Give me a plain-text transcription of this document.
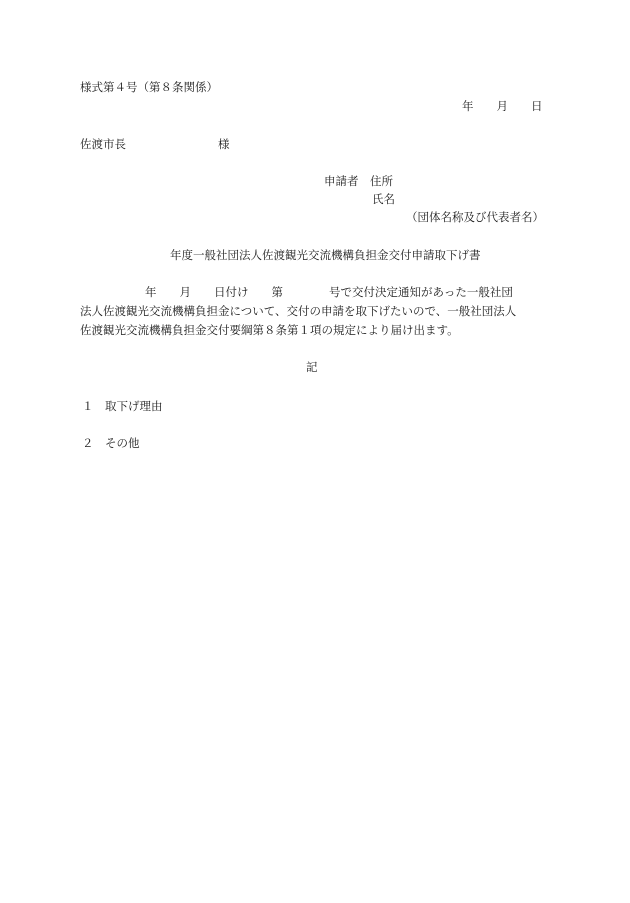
様式第４号（第８条関係）
年　　月　　日
佐渡市長　　　　　　　　様
申請者　住所
氏名
（団体名称及び代表者名）
年度一般社団法人佐渡観光交流機構負担金交付申請取下げ書
年　　月　　日付け　　第　　　　号で交付決定通知があった一般社団
法人佐渡観光交流機構負担金について、交付の申請を取下げたいので、一般社団法人
佐渡観光交流機構負担金交付要綱第８条第１項の規定により届け出ます。
記
１　取下げ理由
２　その他
